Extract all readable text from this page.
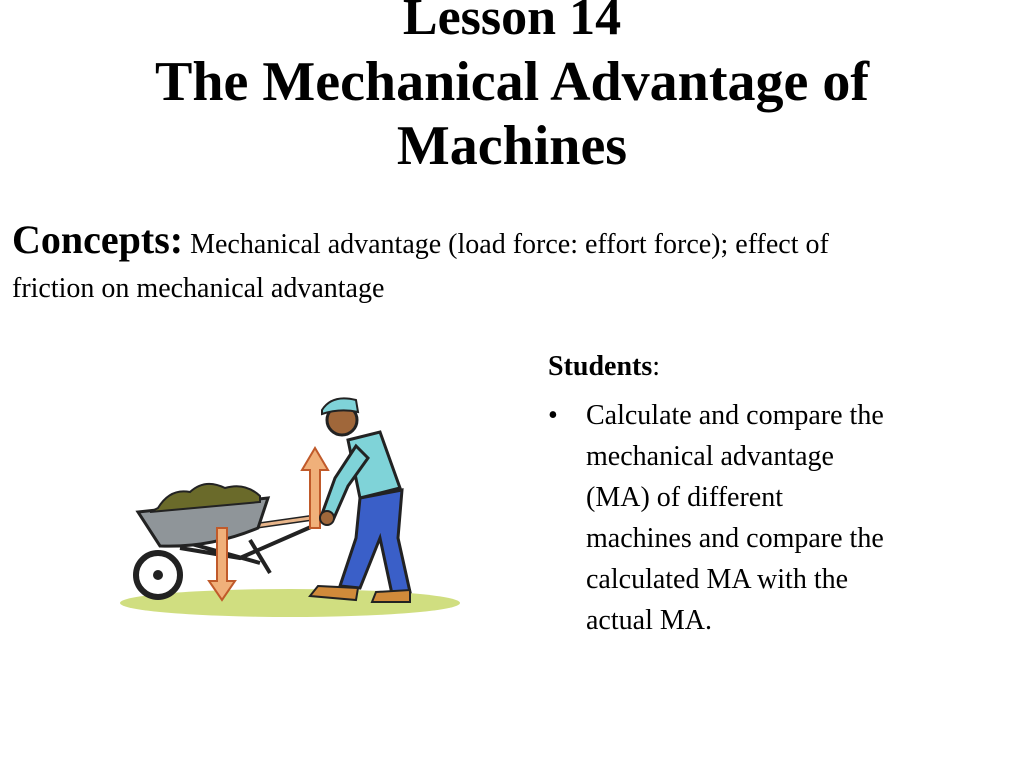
Lesson 14
The Mechanical Advantage of
Machines
Concepts: Mechanical advantage (load force: effort force); effect of
friction on mechanical advantage

Students:

•	Calculate and compare the
mechanical advantage
(MA) of different
machines and compare the
calculated MA with the
actual MA.
